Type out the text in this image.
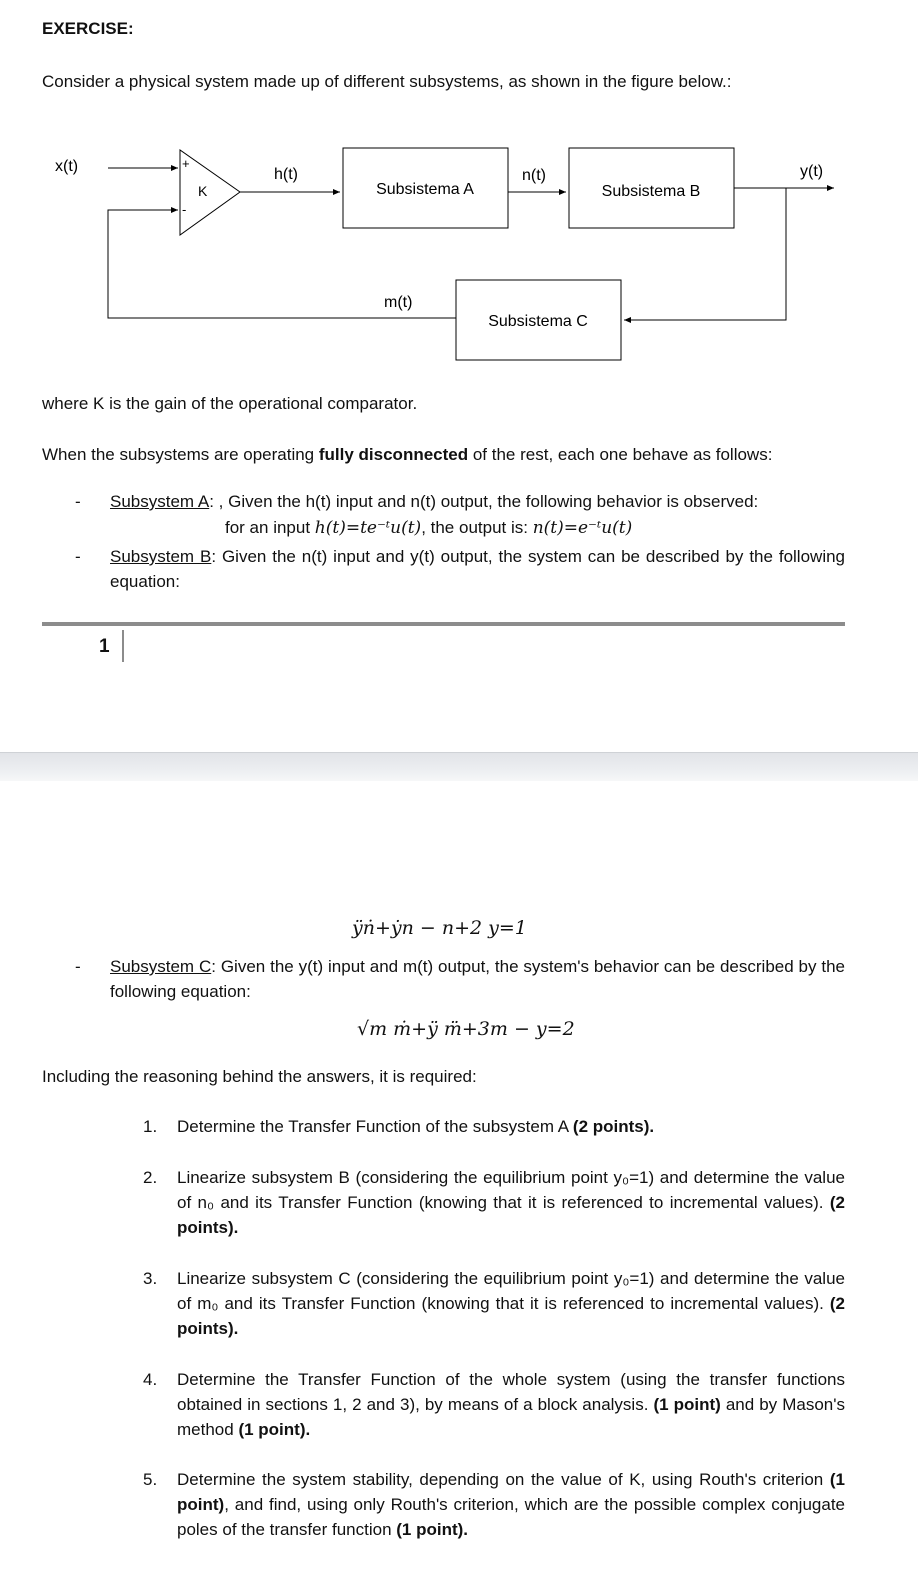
EXERCISE:
Consider a physical system made up of different subsystems, as shown in the figure below.:
x(t)	+
-
K
h(t)
Subsistema A
n(t)
Subsistema B
y(t)
m(t)
Subsistema C
where K is the gain of the operational comparator.
When the subsystems are operating fully disconnected of the rest, each one behave as follows:
- Subsystem A: , Given the h(t) input and n(t) output, the following behavior is observed:
for an input h(t)=te⁻ᵗu(t), the output is: n(t)=e⁻ᵗu(t)
- Subsystem B: Given the n(t) input and y(t) output, the system can be described by the following equation:
1
ÿṅ+ẏn − n+2 y=1
- Subsystem C: Given the y(t) input and m(t) output, the system's behavior can be described by the following equation:
√m ṁ+ÿ m̈+3m − y=2
Including the reasoning behind the answers, it is required:
1. Determine the Transfer Function of the subsystem A (2 points).
2. Linearize subsystem B (considering the equilibrium point y₀=1) and determine the value of n₀ and its Transfer Function (knowing that it is referenced to incremental values). (2 points).
3. Linearize subsystem C (considering the equilibrium point y₀=1) and determine the value of m₀ and its Transfer Function (knowing that it is referenced to incremental values). (2 points).
4. Determine the Transfer Function of the whole system (using the transfer functions obtained in sections 1, 2 and 3), by means of a block analysis. (1 point) and by Mason's method (1 point).
5. Determine the system stability, depending on the value of K, using Routh's criterion (1 point), and find, using only Routh's criterion, which are the possible complex conjugate poles of the transfer function (1 point).
